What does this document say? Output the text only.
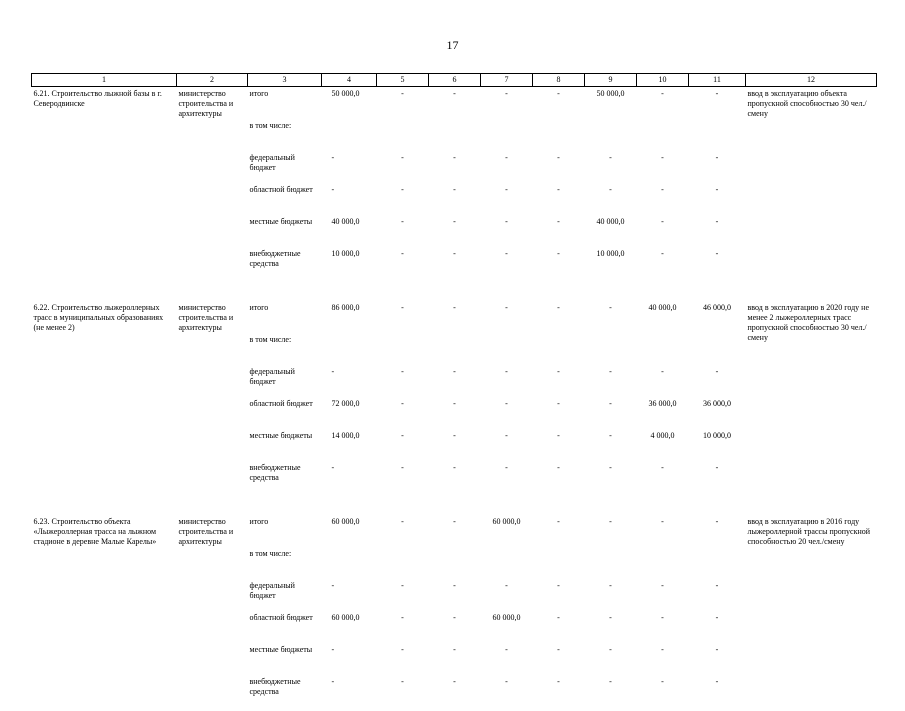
17
1	2	3	4	5	6	7	8	9	10	11	12
6.21. Строительство лыжной базы в г. Северодвинске	министерство строительства и архитектуры	итого	50 000,0	-	-	-	-	50 000,0	-	-	ввод в эксплуатацию объекта пропускной способностью 30 чел./смену
		в том числе:									
		федеральный бюджет	-	-	-	-	-	-	-	-	
		областной бюджет	-	-	-	-	-	-	-	-	
		местные бюджеты	40 000,0	-	-	-	-	40 000,0	-	-	
		внебюджетные средства	10 000,0	-	-	-	-	10 000,0	-	-	

6.22. Строительство лыжероллерных трасс в муниципальных образованиях (не менее 2)	министерство строительства и архитектуры	итого	86 000,0	-	-	-	-	-	40 000,0	46 000,0	ввод в эксплуатацию в 2020 году не менее 2 лыжероллерных трасс пропускной способностью 30 чел./смену
		в том числе:									
		федеральный бюджет	-	-	-	-	-	-	-	-	
		областной бюджет	72 000,0	-	-	-	-	-	36 000,0	36 000,0	
		местные бюджеты	14 000,0	-	-	-	-	-	4 000,0	10 000,0	
		внебюджетные средства	-	-	-	-	-	-	-	-	

6.23. Строительство объекта «Лыжероллерная трасса на лыжном стадионе в деревне Малые Карелы»	министерство строительства и архитектуры	итого	60 000,0	-	-	60 000,0	-	-	-	-	ввод в эксплуатацию в 2016 году лыжероллерной трассы пропускной способностью 20 чел./смену
		в том числе:									
		федеральный бюджет	-	-	-	-	-	-	-	-	
		областной бюджет	60 000,0	-	-	60 000,0	-	-	-	-	
		местные бюджеты	-	-	-	-	-	-	-	-	
		внебюджетные средства	-	-	-	-	-	-	-	-	
